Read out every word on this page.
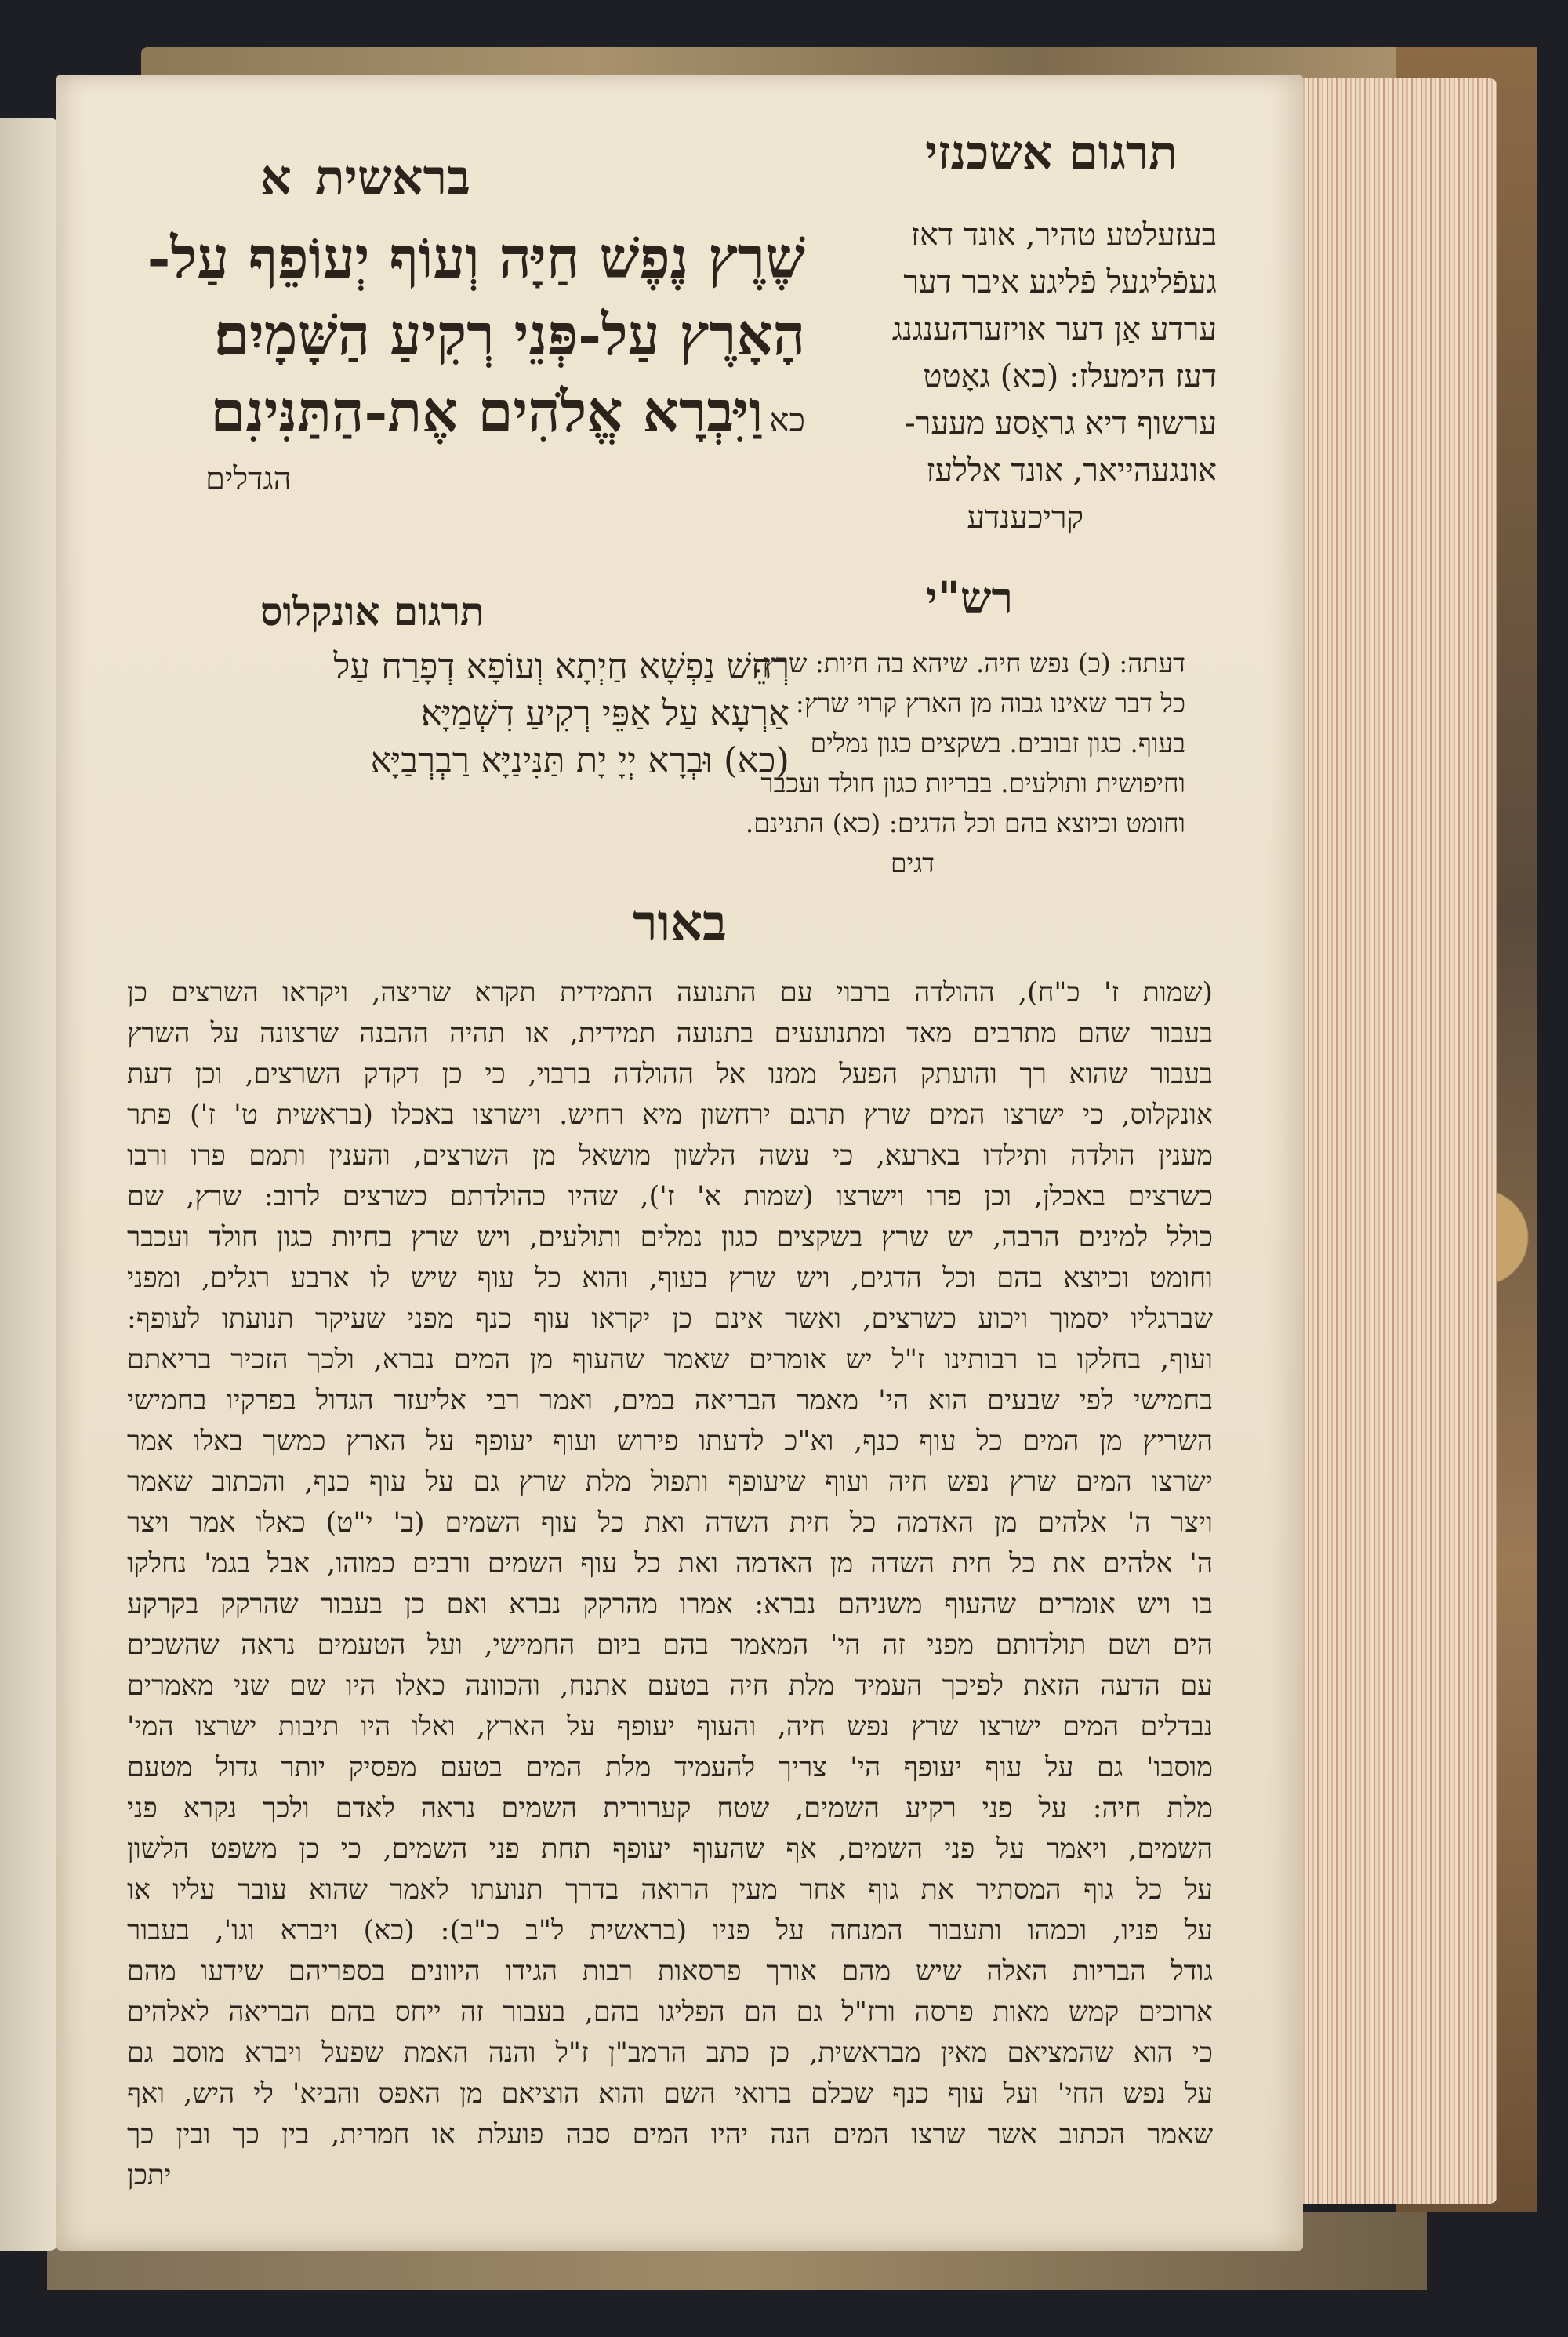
תרגום אשכנזי
בראשיתא
בעזעלטע טהיר, אונד דאז
געפֿליגעל פֿליגע איבר דער
ערדע אַן דער אויזערהענגנג
דעז הימעלז: (כא) גאָטט
ערשוף דיא גראָסע מעער-
אונגעהייאר, אונד אללעז
קריכענדע
שֶׁרֶץ נֶפֶשׁ חַיָּה וְעוֹף יְעוֹפֵף עַל-
הָאָרֶץ עַל-פְּנֵי רְקִיעַ הַשָּׁמָיִם׃
כאוַיִּבְרָא אֱלֹהִים אֶת-הַתַּנִּינִם
הגדלים
תרגום אונקלוס
רְחֵשׁ נַפְשָׁא חַיְתָא וְעוֹפָא דְפָרַח עַל
אַרְעָא עַל אַפֵּי רְקִיעַ דִשְׁמַיָּא׃
(כא) וּבְרָא יְיָ יָת תַּנִּינַיָּא רַבְרְבַיָּא
רש"י
דעתה: (כ) נפש חיה. שיהא בה חיות: שרץ.
כל דבר שאינו גבוה מן הארץ קרוי שרץ:
בעוף. כגון זבובים. בשקצים כגון נמלים
וחיפושית ותולעים. בבריות כגון חולד ועכבר
וחומט וכיוצא בהם וכל הדגים: (כא) התנינם.
דגים
באור
(שמות ז' כ"ח), ההולדה ברבוי עם התנועה התמידית תקרא שריצה, ויקראו השרצים כן
בעבור שהם מתרבים מאד ומתנועעים בתנועה תמידית, או תהיה ההבנה שרצונה על השרץ
בעבור שהוא רך והועתק הפעל ממנו אל ההולדה ברבוי, כי כן דקדק השרצים, וכן דעת
אונקלוס, כי ישרצו המים שרץ תרגם ירחשון מיא רחיש. וישרצו באכלו (בראשית ט' ז') פתר
מענין הולדה ותילדו בארעא, כי עשה הלשון מושאל מן השרצים, והענין ותמם פרו ורבו
כשרצים באכלן, וכן פרו וישרצו (שמות א' ז'), שהיו כהולדתם כשרצים לרוב: שרץ, שם
כולל למינים הרבה, יש שרץ בשקצים כגון נמלים ותולעים, ויש שרץ בחיות כגון חולד ועכבר
וחומט וכיוצא בהם וכל הדגים, ויש שרץ בעוף, והוא כל עוף שיש לו ארבע רגלים, ומפני
שברגליו יסמוך ויכוע כשרצים, ואשר אינם כן יקראו עוף כנף מפני שעיקר תנועתו לעופף:
ועוף, בחלקו בו רבותינו ז"ל יש אומרים שאמר שהעוף מן המים נברא, ולכך הזכיר בריאתם
בחמישי לפי שבעים הוא הי' מאמר הבריאה במים, ואמר רבי אליעזר הגדול בפרקיו בחמישי
השריץ מן המים כל עוף כנף, וא"כ לדעתו פירוש ועוף יעופף על הארץ כמשך באלו אמר
ישרצו המים שרץ נפש חיה ועוף שיעופף ותפול מלת שרץ גם על עוף כנף, והכתוב שאמר
ויצר ה' אלהים מן האדמה כל חית השדה ואת כל עוף השמים (ב' י"ט) כאלו אמר ויצר
ה' אלהים את כל חית השדה מן האדמה ואת כל עוף השמים ורבים כמוהו, אבל בגמ' נחלקו
בו ויש אומרים שהעוף משניהם נברא: אמרו מהרקק נברא ואם כן בעבור שהרקק בקרקע
הים ושם תולדותם מפני זה הי' המאמר בהם ביום החמישי, ועל הטעמים נראה שהשכים
עם הדעה הזאת לפיכך העמיד מלת חיה בטעם אתנח, והכוונה כאלו היו שם שני מאמרים
נבדלים המים ישרצו שרץ נפש חיה, והעוף יעופף על הארץ, ואלו היו תיבות ישרצו המי'
מוסבו' גם על עוף יעופף הי' צריך להעמיד מלת המים בטעם מפסיק יותר גדול מטעם
מלת חיה: על פני רקיע השמים, שטח קערורית השמים נראה לאדם ולכך נקרא פני
השמים, ויאמר על פני השמים, אף שהעוף יעופף תחת פני השמים, כי כן משפט הלשון
על כל גוף המסתיר את גוף אחר מעין הרואה בדרך תנועתו לאמר שהוא עובר עליו או
על פניו, וכמהו ותעבור המנחה על פניו (בראשית ל"ב כ"ב): (כא) ויברא וגו', בעבור
גודל הבריות האלה שיש מהם אורך פרסאות רבות הגידו היוונים בספריהם שידעו מהם
ארוכים קמש מאות פרסה ורז"ל גם הם הפליגו בהם, בעבור זה ייחס בהם הבריאה לאלהים
כי הוא שהמציאם מאין מבראשית, כן כתב הרמב"ן ז"ל והנה האמת שפעל ויברא מוסב גם
על נפש החי' ועל עוף כנף שכלם ברואי השם והוא הוציאם מן האפס והביא' לי היש, ואף
שאמר הכתוב אשר שרצו המים הנה יהיו המים סבה פועלת או חמרית, בין כך ובין כך
יתכן
